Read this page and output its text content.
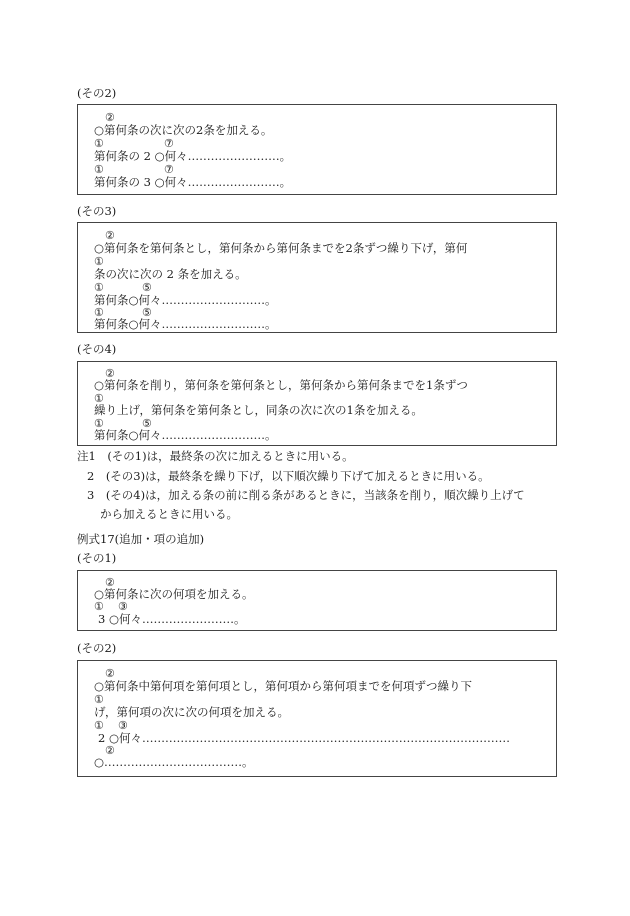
(その2)
②
○第何条の次に次の2条を加える。
①	⑦
第何条の 2 ○何々……………………。
①	⑦
第何条の 3 ○何々……………………。
(その3)
②
○第何条を第何条とし，第何条から第何条までを2条ずつ繰り下げ，第何
①
条の次に次の 2 条を加える。
①	⑤
第何条○何々………………………。
①	⑤
第何条○何々………………………。
(その4)
②
○第何条を削り，第何条を第何条とし，第何条から第何条までを1条ずつ
①
繰り上げ，第何条を第何条とし，同条の次に次の1条を加える。
①	⑤
第何条○何々………………………。
注1　(その1)は，最終条の次に加えるときに用いる。
2　(その3)は，最終条を繰り下げ，以下順次繰り下げて加えるときに用いる。
3　(その4)は，加える条の前に削る条があるときに，当該条を削り，順次繰り上げて
から加えるときに用いる。
例式17(追加・項の追加)
(その1)
②
○第何条に次の何項を加える。
① ③
3 ○何々……………………。
(その2)
②
○第何条中第何項を第何項とし，第何項から第何項までを何項ずつ繰り下
①
げ，第何項の次に次の何項を加える。
① ③
2 ○何々……………………………………………………………………………………
②
○………………………………。
